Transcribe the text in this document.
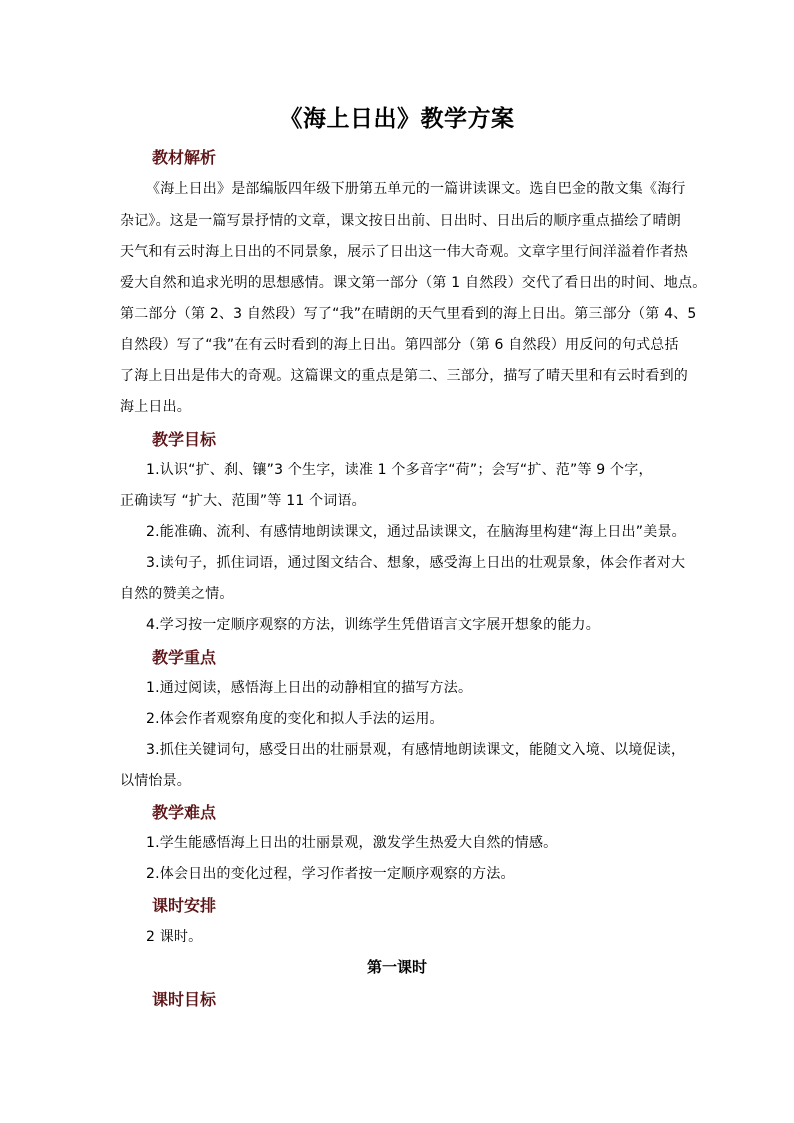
《海上日出》教学方案
教材解析
《海上日出》是部编版四年级下册第五单元的一篇讲读课文。选自巴金的散文集《海行
杂记》。这是一篇写景抒情的文章，课文按日出前、日出时、日出后的顺序重点描绘了晴朗
天气和有云时海上日出的不同景象，展示了日出这一伟大奇观。文章字里行间洋溢着作者热
爱大自然和追求光明的思想感情。课文第一部分（第 1 自然段）交代了看日出的时间、地点。
第二部分（第 2、3 自然段）写了“我”在晴朗的天气里看到的海上日出。第三部分（第 4、5
自然段）写了“我”在有云时看到的海上日出。第四部分（第 6 自然段）用反问的句式总括
了海上日出是伟大的奇观。这篇课文的重点是第二、三部分，描写了晴天里和有云时看到的
海上日出。
教学目标
1.认识“扩、刹、镶”3 个生字，读准 1 个多音字“荷”；会写“扩、范”等 9 个字，
正确读写 “扩大、范围”等 11 个词语。
2.能准确、流利、有感情地朗读课文，通过品读课文，在脑海里构建“海上日出”美景。
3.读句子，抓住词语，通过图文结合、想象，感受海上日出的壮观景象，体会作者对大
自然的赞美之情。
4.学习按一定顺序观察的方法，训练学生凭借语言文字展开想象的能力。
教学重点
1.通过阅读，感悟海上日出的动静相宜的描写方法。
2.体会作者观察角度的变化和拟人手法的运用。
3.抓住关键词句，感受日出的壮丽景观，有感情地朗读课文，能随文入境、以境促读，
以情怡景。
教学难点
1.学生能感悟海上日出的壮丽景观，激发学生热爱大自然的情感。
2.体会日出的变化过程，学习作者按一定顺序观察的方法。
课时安排
2 课时。
第一课时
课时目标
